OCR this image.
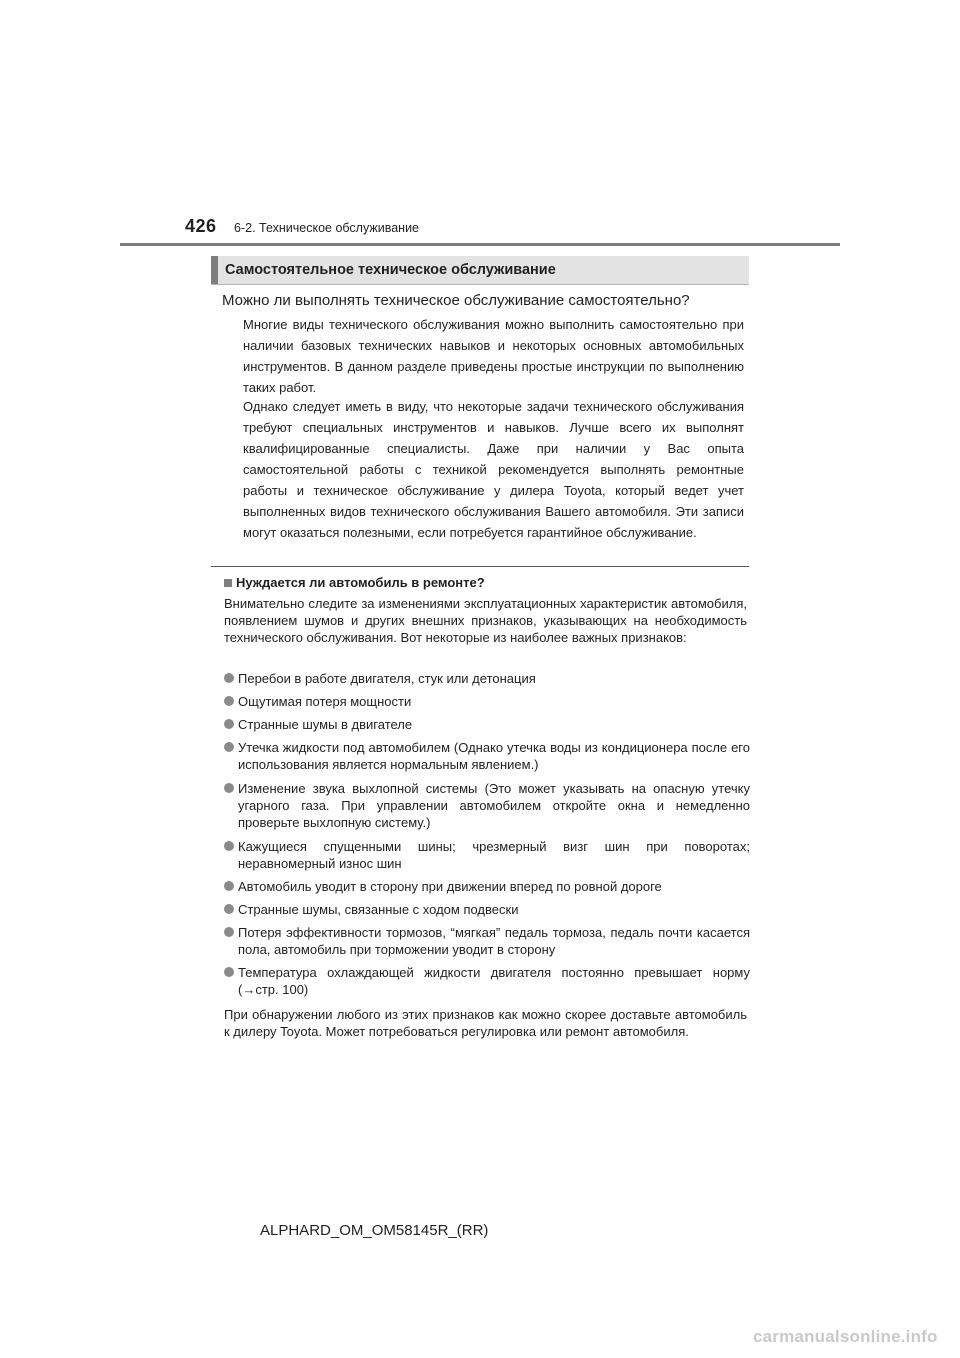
426 6-2. Техническое обслуживание
Самостоятельное техническое обслуживание
Можно ли выполнять техническое обслуживание самостоятельно?
Многие виды технического обслуживания можно выполнить самостоятельно при наличии базовых технических навыков и некоторых основных автомобильных инструментов. В данном разделе приведены простые инструкции по выполнению таких работ.
Однако следует иметь в виду, что некоторые задачи технического обслуживания требуют специальных инструментов и навыков. Лучше всего их выполнят квалифицированные специалисты. Даже при наличии у Вас опыта самостоятельной работы с техникой рекомендуется выполнять ремонтные работы и техническое обслуживание у дилера Toyota, который ведет учет выполненных видов технического обслуживания Вашего автомобиля. Эти записи могут оказаться полезными, если потребуется гарантийное обслуживание.
Нуждается ли автомобиль в ремонте?
Внимательно следите за изменениями эксплуатационных характеристик автомобиля, появлением шумов и других внешних признаков, указывающих на необходимость технического обслуживания. Вот некоторые из наиболее важных признаков:
Перебои в работе двигателя, стук или детонация
Ощутимая потеря мощности
Странные шумы в двигателе
Утечка жидкости под автомобилем (Однако утечка воды из кондиционера после его использования является нормальным явлением.)
Изменение звука выхлопной системы (Это может указывать на опасную утечку угарного газа. При управлении автомобилем откройте окна и немедленно проверьте выхлопную систему.)
Кажущиеся спущенными шины; чрезмерный визг шин при поворотах; неравномерный износ шин
Автомобиль уводит в сторону при движении вперед по ровной дороге
Странные шумы, связанные с ходом подвески
Потеря эффективности тормозов, “мягкая” педаль тормоза, педаль почти касается пола, автомобиль при торможении уводит в сторону
Температура охлаждающей жидкости двигателя постоянно превышает норму (→стр. 100)
При обнаружении любого из этих признаков как можно скорее доставьте автомобиль к дилеру Toyota. Может потребоваться регулировка или ремонт автомобиля.
ALPHARD_OM_OM58145R_(RR)
carmanualsonline.info
